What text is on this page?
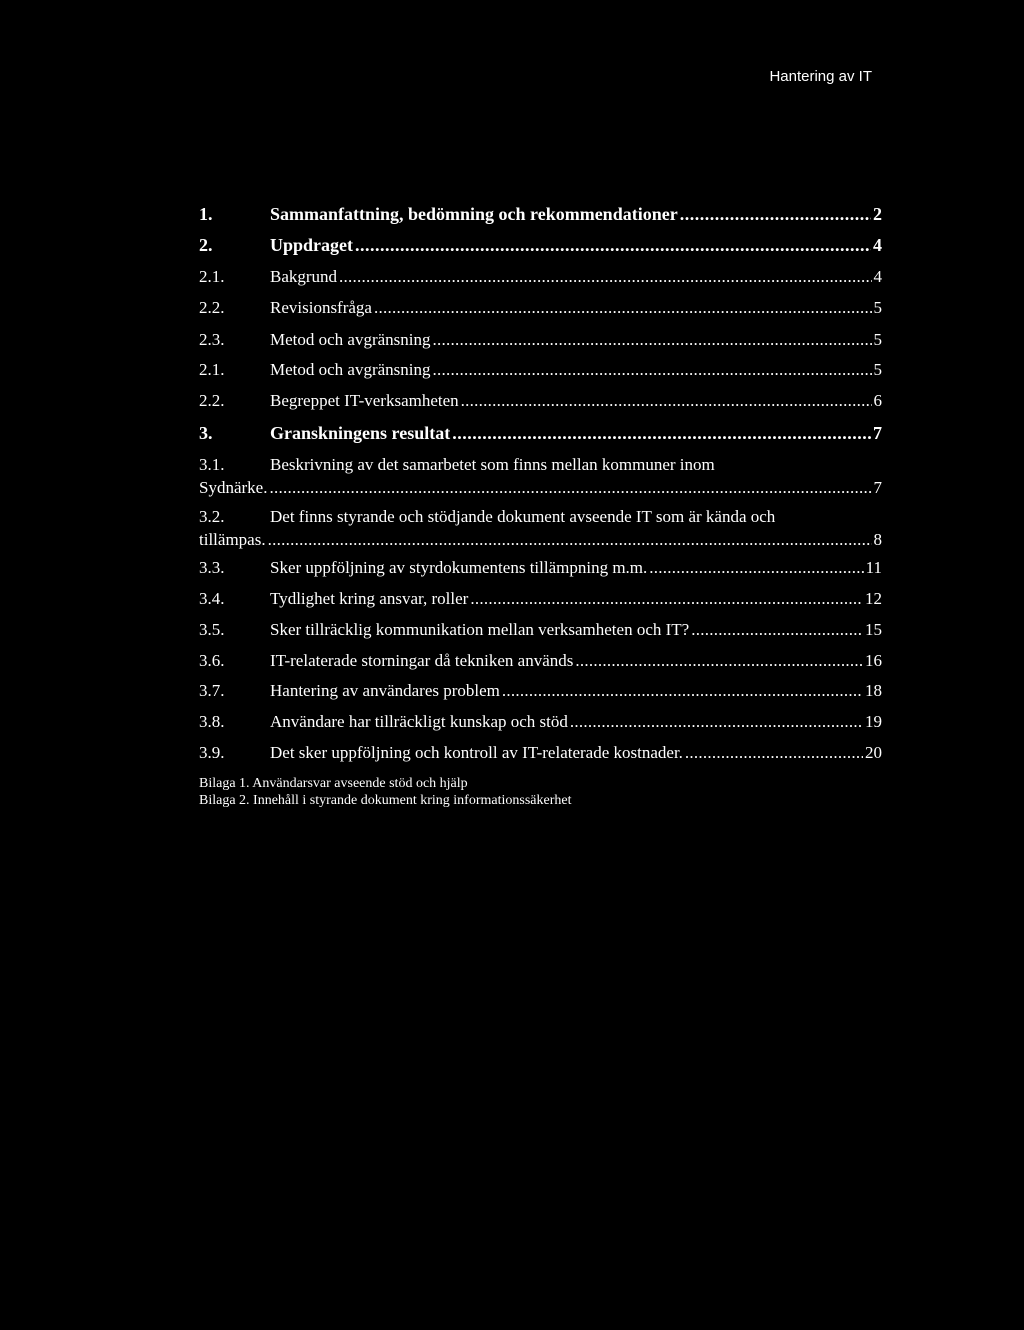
Hantering av IT
1.	Sammanfattning, bedömning och rekommendationer . . .	2
2.	Uppdraget . . .	4
2.1.	Bakgrund . . .	4
2.2.	Revisionsfråga . . .	5
2.3.	Metod och avgränsning . . .	5
2.1.	Metod och avgränsning . . .	5
2.2.	Begreppet IT-verksamheten . . .	6
3.	Granskningens resultat . . .	7
3.1.	Beskrivning av det samarbetet som finns mellan kommuner inom
Sydnärke. . . .	7
3.2.	Det finns styrande och stödjande dokument avseende IT som är kända och
tillämpas. . . .	8
3.3.	Sker uppföljning av styrdokumentens tillämpning m.m. . . .	11
3.4.	Tydlighet kring ansvar, roller . . .	12
3.5.	Sker tillräcklig kommunikation mellan verksamheten och IT? . . .	15
3.6.	IT-relaterade storningar då tekniken används . . .	16
3.7.	Hantering av användares problem . . .	18
3.8.	Användare har tillräckligt kunskap och stöd . . .	19
3.9.	Det sker uppföljning och kontroll av IT-relaterade kostnader. . . .	20
Bilaga 1. Användarsvar avseende stöd och hjälp
Bilaga 2. Innehåll i styrande dokument kring informationssäkerhet
